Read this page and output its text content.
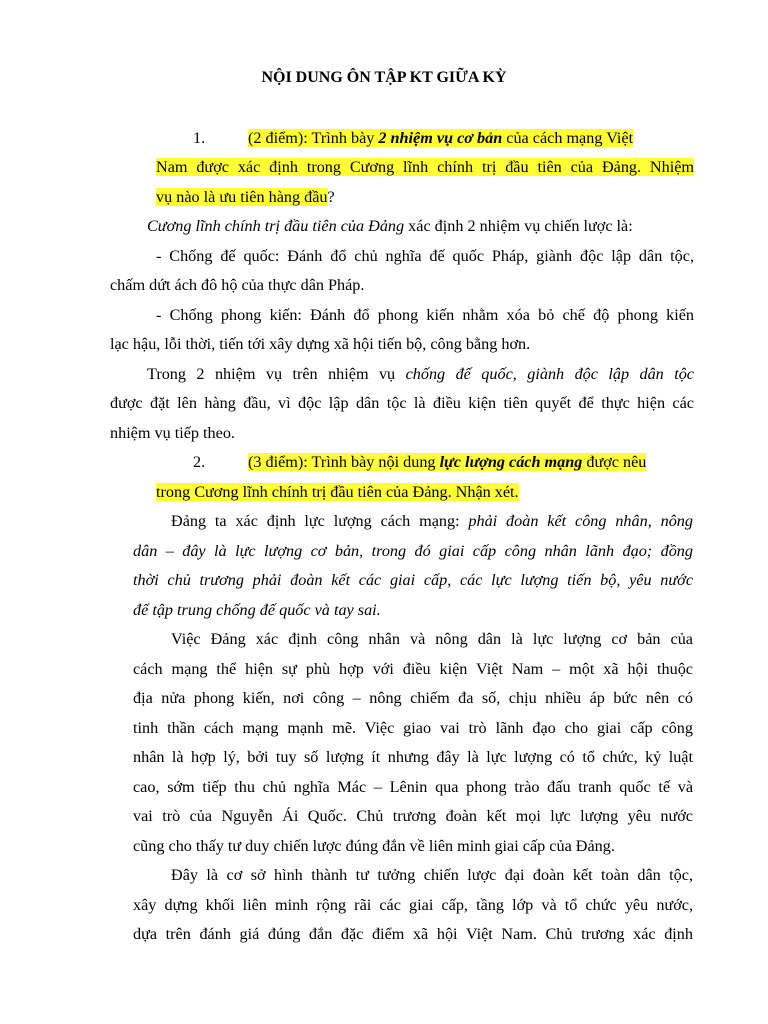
NỘI DUNG ÔN TẬP KT GIỮA KỲ
1.	(2 điểm): Trình bày 2 nhiệm vụ cơ bản của cách mạng Việt
Nam được xác định trong Cương lĩnh chính trị đầu tiên của Đảng. Nhiệm
vụ nào là ưu tiên hàng đầu?
Cương lĩnh chính trị đầu tiên của Đảng xác định 2 nhiệm vụ chiến lược là:
- Chống đế quốc: Đánh đổ chủ nghĩa đế quốc Pháp, giành độc lập dân tộc,
chấm dứt ách đô hộ của thực dân Pháp.
- Chống phong kiến: Đánh đổ phong kiến nhằm xóa bỏ chế độ phong kiến
lạc hậu, lỗi thời, tiến tới xây dựng xã hội tiến bộ, công bằng hơn.
Trong 2 nhiệm vụ trên nhiệm vụ chống đế quốc, giành độc lập dân tộc
được đặt lên hàng đầu, vì độc lập dân tộc là điều kiện tiên quyết để thực hiện các
nhiệm vụ tiếp theo.
2.	(3 điểm): Trình bày nội dung lực lượng cách mạng được nêu
trong Cương lĩnh chính trị đầu tiên của Đảng. Nhận xét.
Đảng ta xác định lực lượng cách mạng: phải đoàn kết công nhân, nông
dân – đây là lực lượng cơ bản, trong đó giai cấp công nhân lãnh đạo; đồng
thời chủ trương phải đoàn kết các giai cấp, các lực lượng tiến bộ, yêu nước
để tập trung chống đế quốc và tay sai.
Việc Đảng xác định công nhân và nông dân là lực lượng cơ bản của
cách mạng thể hiện sự phù hợp với điều kiện Việt Nam – một xã hội thuộc
địa nửa phong kiến, nơi công – nông chiếm đa số, chịu nhiều áp bức nên có
tinh thần cách mạng mạnh mẽ. Việc giao vai trò lãnh đạo cho giai cấp công
nhân là hợp lý, bởi tuy số lượng ít nhưng đây là lực lượng có tổ chức, kỷ luật
cao, sớm tiếp thu chủ nghĩa Mác – Lênin qua phong trào đấu tranh quốc tế và
vai trò của Nguyễn Ái Quốc. Chủ trương đoàn kết mọi lực lượng yêu nước
cũng cho thấy tư duy chiến lược đúng đắn về liên minh giai cấp của Đảng.
Đây là cơ sở hình thành tư tưởng chiến lược đại đoàn kết toàn dân tộc,
xây dựng khối liên minh rộng rãi các giai cấp, tầng lớp và tổ chức yêu nước,
dựa trên đánh giá đúng đắn đặc điểm xã hội Việt Nam. Chủ trương xác định
